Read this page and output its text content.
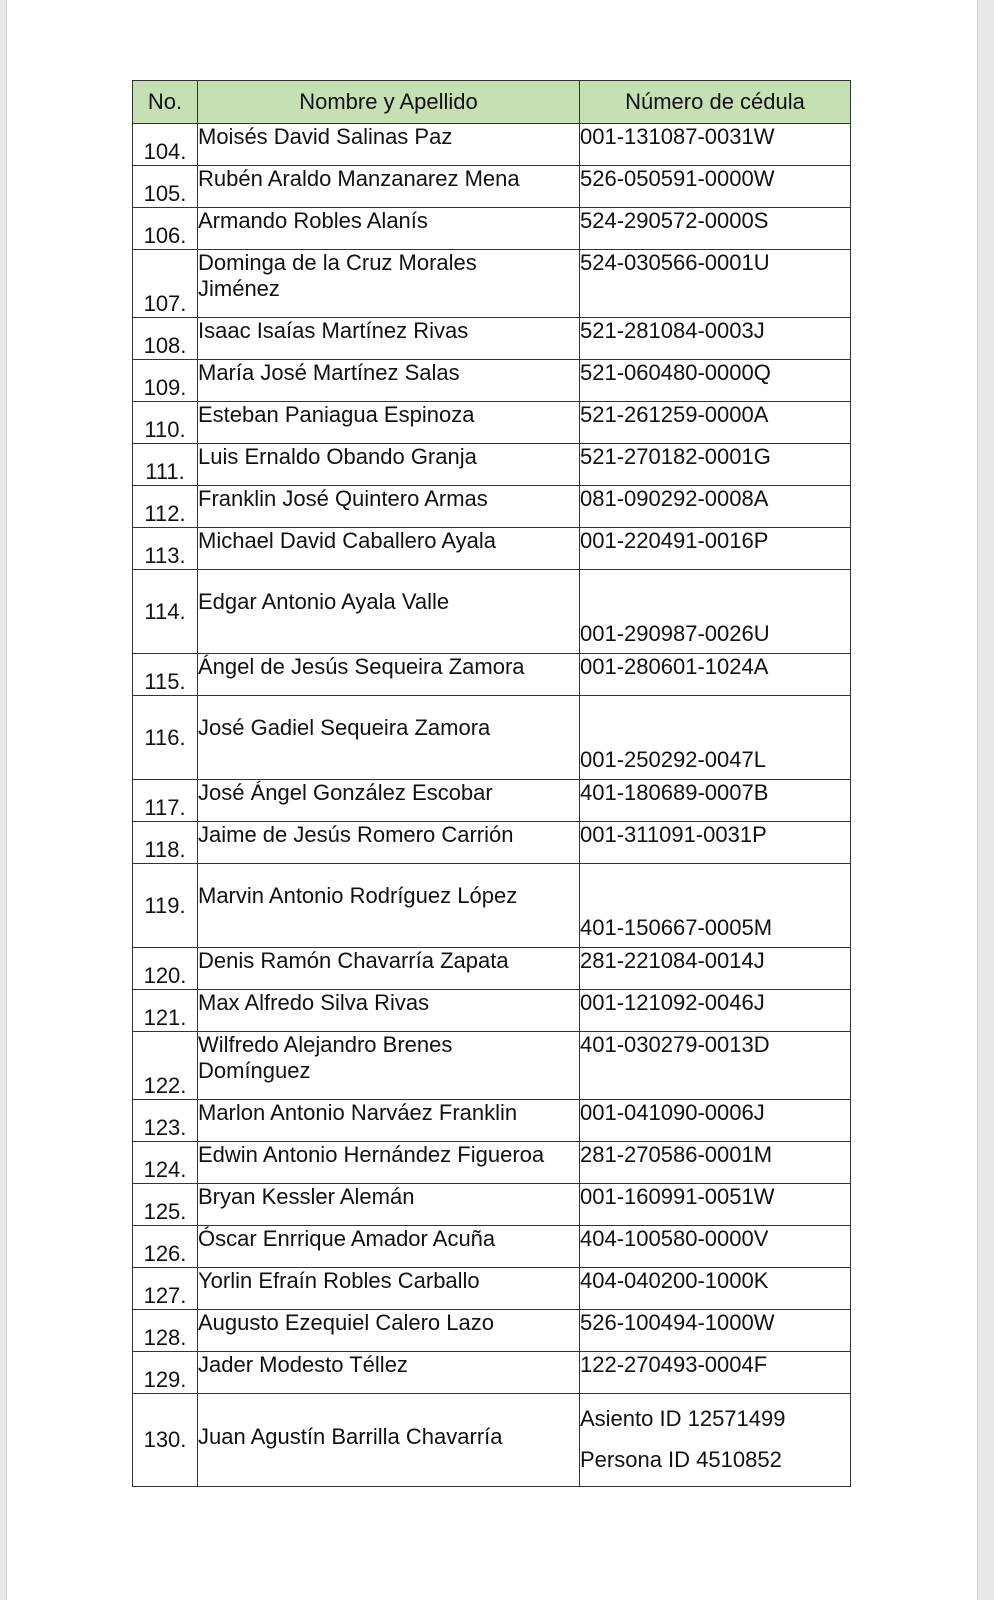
No.	Nombre y Apellido	Número de cédula
104.	Moisés David Salinas Paz	001-131087-0031W
105.	Rubén Araldo Manzanarez Mena	526-050591-0000W
106.	Armando Robles Alanís	524-290572-0000S
107.	Dominga de la Cruz Morales
Jiménez	524-030566-0001U
108.	Isaac Isaías Martínez Rivas	521-281084-0003J
109.	María José Martínez Salas	521-060480-0000Q
110.	Esteban Paniagua Espinoza	521-261259-0000A
111.	Luis Ernaldo Obando Granja	521-270182-0001G
112.	Franklin José Quintero Armas	081-090292-0008A
113.	Michael David Caballero Ayala	001-220491-0016P
114.	Edgar Antonio Ayala Valle	001-290987-0026U
115.	Ángel de Jesús Sequeira Zamora	001-280601-1024A
116.	José Gadiel Sequeira Zamora	001-250292-0047L
117.	José Ángel González Escobar	401-180689-0007B
118.	Jaime de Jesús Romero Carrión	001-311091-0031P
119.	Marvin Antonio Rodríguez López	401-150667-0005M
120.	Denis Ramón Chavarría Zapata	281-221084-0014J
121.	Max Alfredo Silva Rivas	001-121092-0046J
122.	Wilfredo Alejandro Brenes
Domínguez	401-030279-0013D
123.	Marlon Antonio Narváez Franklin	001-041090-0006J
124.	Edwin Antonio Hernández Figueroa	281-270586-0001M
125.	Bryan Kessler Alemán	001-160991-0051W
126.	Óscar Enrrique Amador Acuña	404-100580-0000V
127.	Yorlin Efraín Robles Carballo	404-040200-1000K
128.	Augusto Ezequiel Calero Lazo	526-100494-1000W
129.	Jader Modesto Téllez	122-270493-0004F
130.	Juan Agustín Barrilla Chavarría	Asiento ID 12571499
Persona ID 4510852
